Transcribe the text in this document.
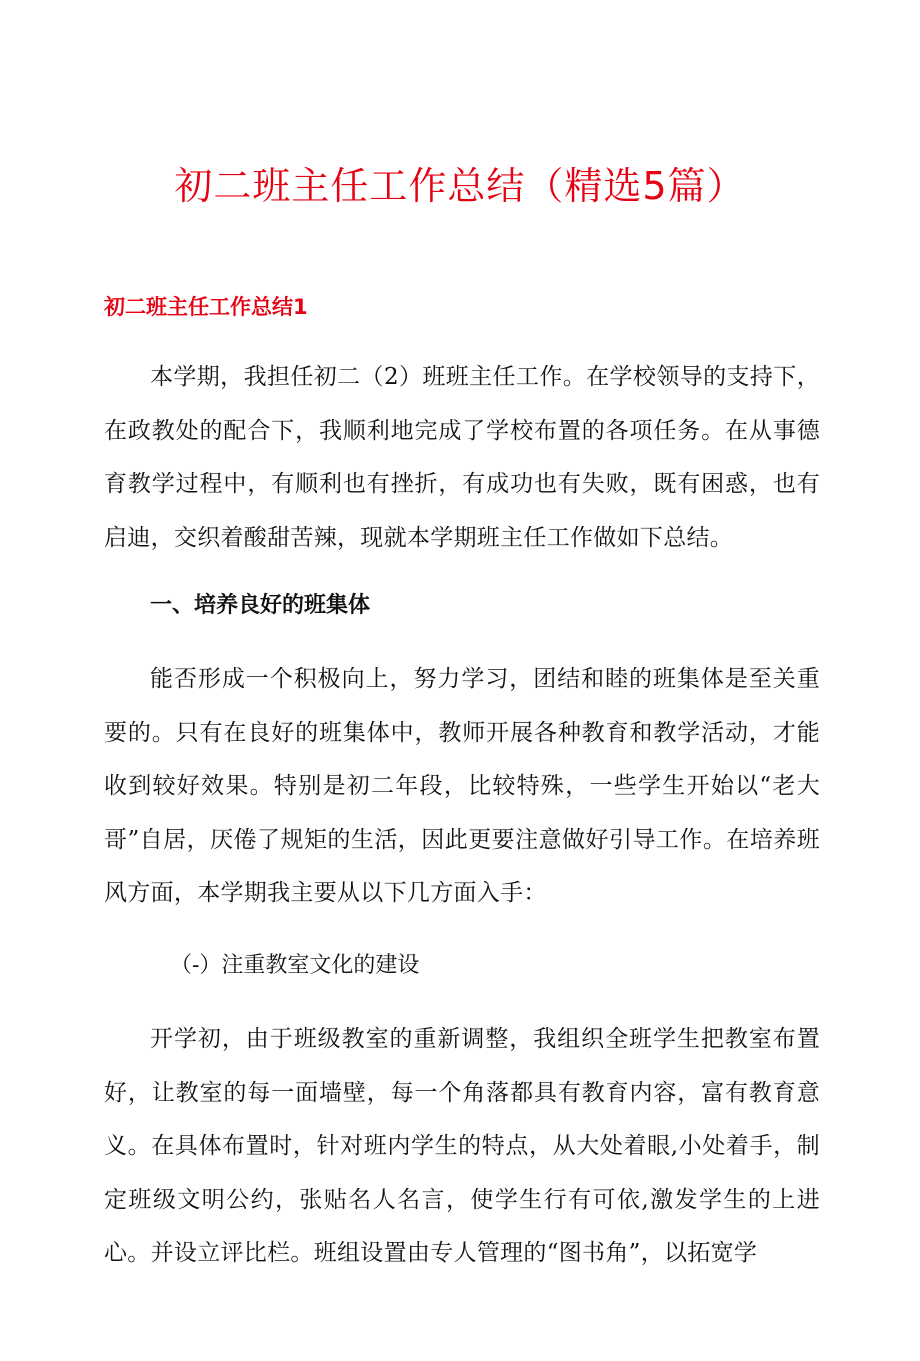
初二班主任工作总结（精选5篇）
初二班主任工作总结1

本学期，我担任初二（2）班班主任工作。在学校领导的支持下，在政教处的配合下，我顺利地完成了学校布置的各项任务。在从事德育教学过程中，有顺利也有挫折，有成功也有失败，既有困惑，也有启迪，交织着酸甜苦辣，现就本学期班主任工作做如下总结。

一、培养良好的班集体

能否形成一个积极向上，努力学习，团结和睦的班集体是至关重要的。只有在良好的班集体中，教师开展各种教育和教学活动，才能收到较好效果。特别是初二年段，比较特殊，一些学生开始以“老大哥”自居，厌倦了规矩的生活，因此更要注意做好引导工作。在培养班风方面，本学期我主要从以下几方面入手：

（-）注重教室文化的建设

开学初，由于班级教室的重新调整，我组织全班学生把教室布置好，让教室的每一面墙壁，每一个角落都具有教育内容，富有教育意义。在具体布置时，针对班内学生的特点，从大处着眼,小处着手，制定班级文明公约，张贴名人名言，使学生行有可依,激发学生的上进心。并设立评比栏。班组设置由专人管理的“图书角”，以拓宽学
